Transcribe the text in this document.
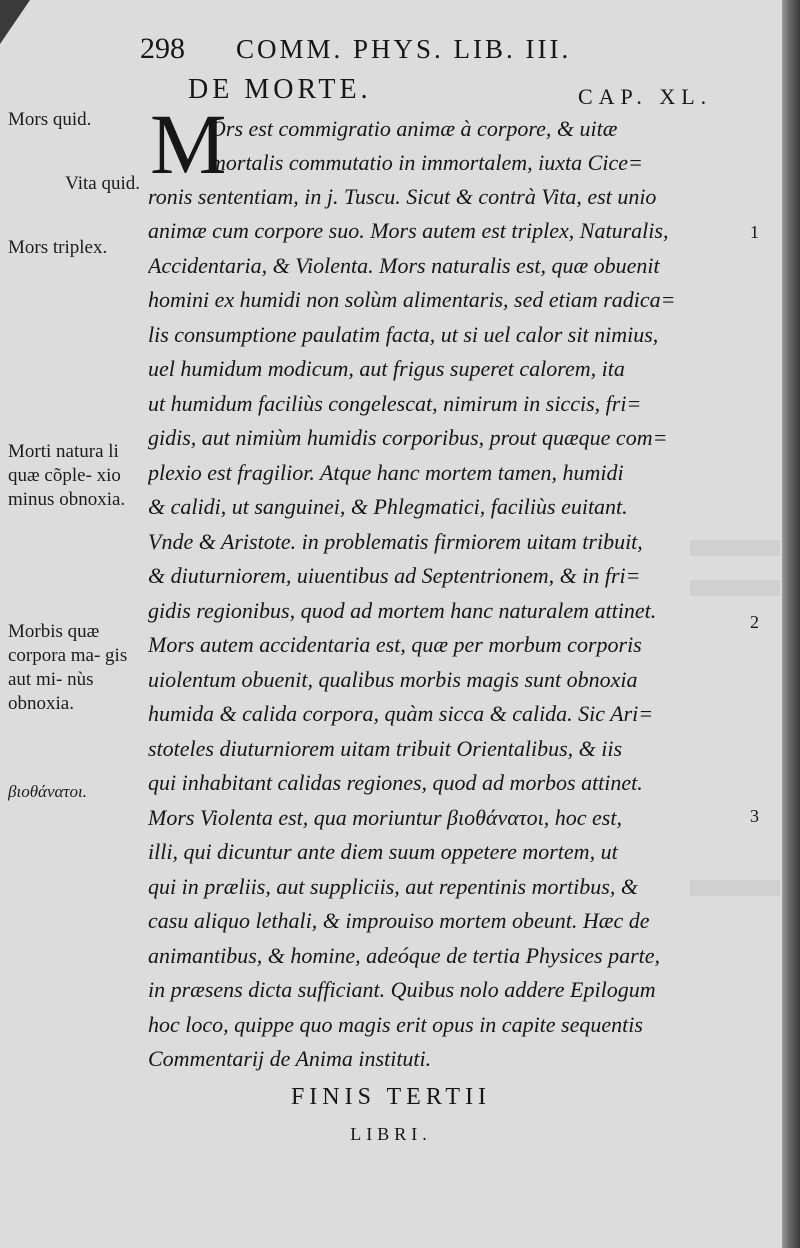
298 COMM. PHYS. LIB. III.
DE MORTE.	CAP. XL.
M
Ors est commigratio animæ à corpore, & uitæ
mortalis commutatio in immortalem, iuxta Cice=
ronis sententiam, in j. Tuscu. Sicut & contrà Vita, est unio
animæ cum corpore suo. Mors autem est triplex, Naturalis,
Accidentaria, & Violenta. Mors naturalis est, quæ obuenit
homini ex humidi non solùm alimentaris, sed etiam radica=
lis consumptione paulatim facta, ut si uel calor sit nimius,
uel humidum modicum, aut frigus superet calorem, ita
ut humidum faciliùs congelescat, nimirum in siccis, fri=
gidis, aut nimiùm humidis corporibus, prout quæque com=
plexio est fragilior. Atque hanc mortem tamen, humidi
& calidi, ut sanguinei, & Phlegmatici, faciliùs euitant.
Vnde & Aristote. in problematis firmiorem uitam tribuit,
& diuturniorem, uiuentibus ad Septentrionem, & in fri=
gidis regionibus, quod ad mortem hanc naturalem attinet.
Mors autem accidentaria est, quæ per morbum corporis
uiolentum obuenit, qualibus morbis magis sunt obnoxia
humida & calida corpora, quàm sicca & calida. Sic Ari=
stoteles diuturniorem uitam tribuit Orientalibus, & iis
qui inhabitant calidas regiones, quod ad morbos attinet.
Mors Violenta est, qua moriuntur βιοθάνατοι, hoc est,
illi, qui dicuntur ante diem suum oppetere mortem, ut
qui in præliis, aut suppliciis, aut repentinis mortibus, &
casu aliquo lethali, & improuiso mortem obeunt. Hæc de
animantibus, & homine, adeóque de tertia Physices parte,
in præsens dicta sufficiant. Quibus nolo addere Epilogum
hoc loco, quippe quo magis erit opus in capite sequentis
Commentarij de Anima instituti.
Mors quid.
Vita quid.
Mors triplex.
Morti natura li quæ cõple- xio minus obnoxia.
Morbis quæ corpora ma- gis aut mi- nùs obnoxia.
βιοθάνατοι.
1
2
3
FINIS TERTII
LIBRI.
